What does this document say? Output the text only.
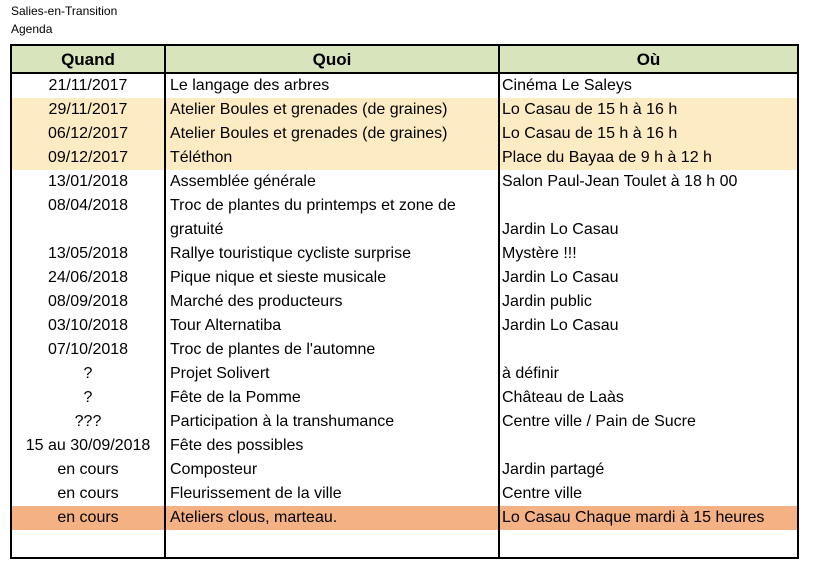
Salies-en-Transition
Agenda
Quand	Quoi	Où
21/11/2017	Le langage des arbres	Cinéma Le Saleys
29/11/2017	Atelier Boules et grenades (de graines)	Lo Casau de 15 h à 16 h
06/12/2017	Atelier Boules et grenades (de graines)	Lo Casau de 15 h à 16 h
09/12/2017	Téléthon	Place du Bayaa de 9 h à 12 h
13/01/2018	Assemblée générale	Salon Paul-Jean Toulet à 18 h 00
08/04/2018	Troc de plantes du printemps et zone de gratuité	Jardin Lo Casau
13/05/2018	Rallye touristique cycliste surprise	Mystère !!!
24/06/2018	Pique nique et sieste musicale	Jardin Lo Casau
08/09/2018	Marché des producteurs	Jardin public
03/10/2018	Tour Alternatiba	Jardin Lo Casau
07/10/2018	Troc de plantes de l'automne
?	Projet Solivert	à définir
?	Fête de la Pomme	Château de Laàs
???	Participation à la transhumance	Centre ville / Pain de Sucre
15 au 30/09/2018	Fête des possibles
en cours	Composteur	Jardin partagé
en cours	Fleurissement de la ville	Centre ville
en cours	Ateliers clous, marteau.	Lo Casau Chaque mardi à 15 heures
